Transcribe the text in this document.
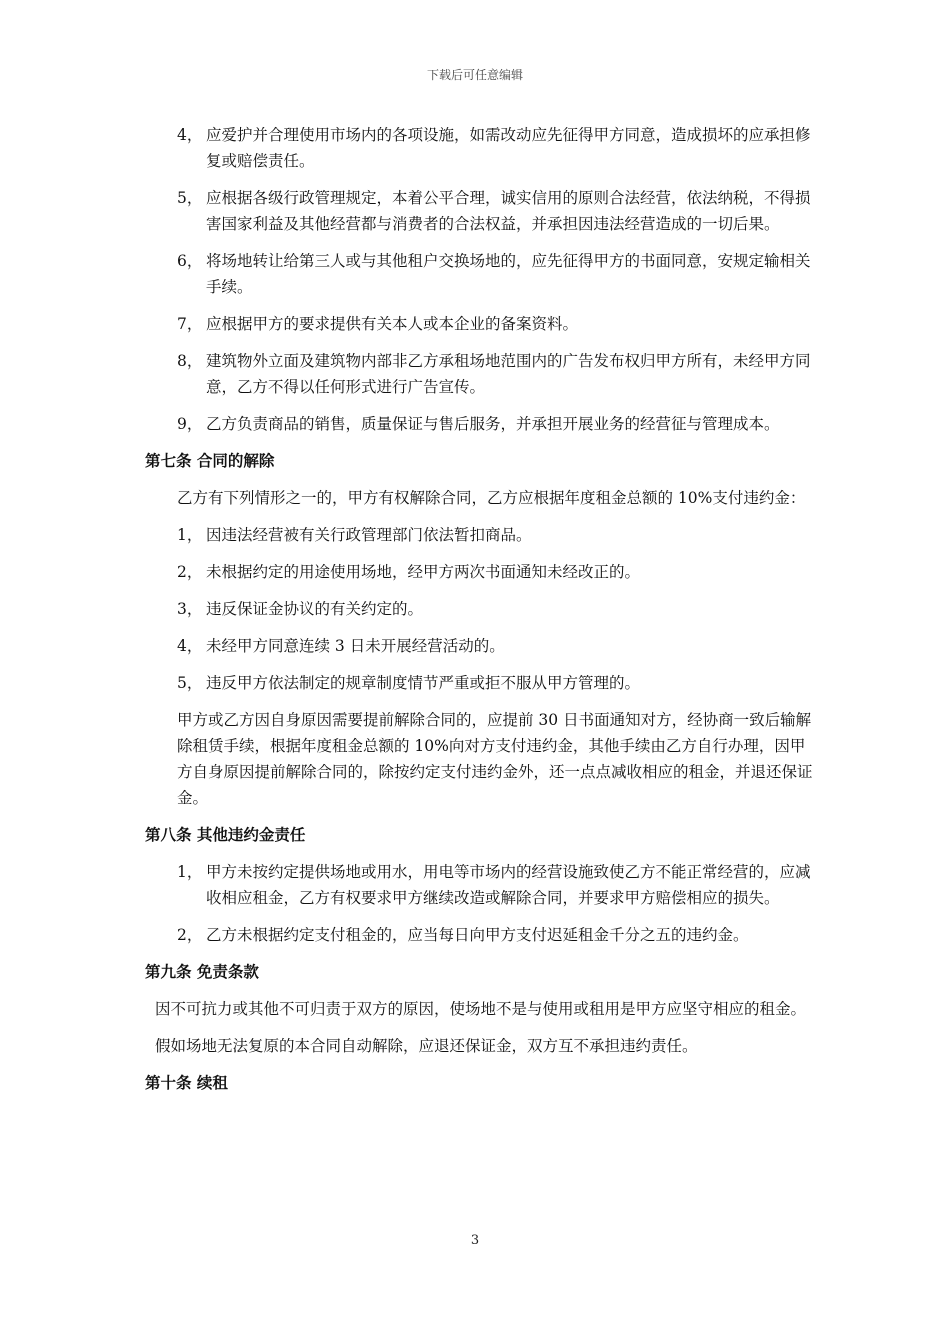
下载后可任意编辑
4， 应爱护并合理使用市场内的各项设施，如需改动应先征得甲方同意，造成损坏的应承担修复或赔偿责任。
5， 应根据各级行政管理规定，本着公平合理，诚实信用的原则合法经营，依法纳税，不得损害国家利益及其他经营都与消费者的合法权益，并承担因违法经营造成的一切后果。
6， 将场地转让给第三人或与其他租户交换场地的，应先征得甲方的书面同意，安规定输相关手续。
7， 应根据甲方的要求提供有关本人或本企业的备案资料。
8， 建筑物外立面及建筑物内部非乙方承租场地范围内的广告发布权归甲方所有，未经甲方同意，乙方不得以任何形式进行广告宣传。
9， 乙方负责商品的销售，质量保证与售后服务，并承担开展业务的经营征与管理成本。
第七条 合同的解除
乙方有下列情形之一的，甲方有权解除合同，乙方应根据年度租金总额的 10%支付违约金：
1， 因违法经营被有关行政管理部门依法暂扣商品。
2， 未根据约定的用途使用场地，经甲方两次书面通知未经改正的。
3， 违反保证金协议的有关约定的。
4， 未经甲方同意连续 3 日未开展经营活动的。
5， 违反甲方依法制定的规章制度情节严重或拒不服从甲方管理的。
甲方或乙方因自身原因需要提前解除合同的，应提前 30 日书面通知对方，经协商一致后输解除租赁手续，根据年度租金总额的 10%向对方支付违约金，其他手续由乙方自行办理，因甲方自身原因提前解除合同的，除按约定支付违约金外，还一点点减收相应的租金，并退还保证金。
第八条 其他违约金责任
1， 甲方未按约定提供场地或用水，用电等市场内的经营设施致使乙方不能正常经营的，应减收相应租金，乙方有权要求甲方继续改造或解除合同，并要求甲方赔偿相应的损失。
2， 乙方未根据约定支付租金的，应当每日向甲方支付迟延租金千分之五的违约金。
第九条 免责条款
因不可抗力或其他不可归责于双方的原因，使场地不是与使用或租用是甲方应坚守相应的租金。
假如场地无法复原的本合同自动解除，应退还保证金，双方互不承担违约责任。
第十条 续租
3
